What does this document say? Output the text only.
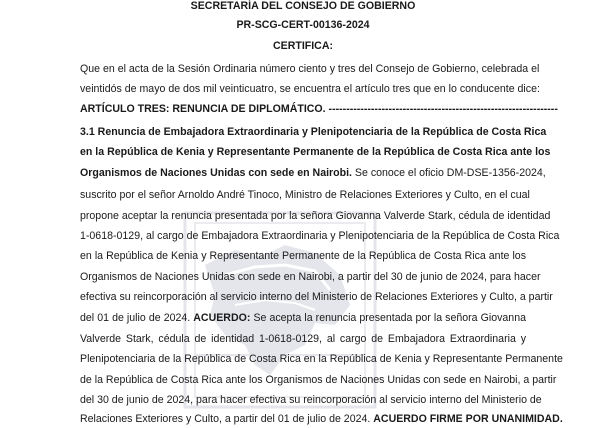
SECRETARÍA DEL CONSEJO DE GOBIERNO
PR-SCG-CERT-00136-2024
CERTIFICA:
Que en el acta de la Sesión Ordinaria número ciento y tres del Consejo de Gobierno, celebrada el
veintidós de mayo de dos mil veinticuatro, se encuentra el artículo tres que en lo conducente dice:
ARTÍCULO TRES: RENUNCIA DE DIPLOMÁTICO. -----------------------------------------------------------------
3.1 Renuncia de Embajadora Extraordinaria y Plenipotenciaria de la República de Costa Rica
en la República de Kenia y Representante Permanente de la República de Costa Rica ante los
Organismos de Naciones Unidas con sede en Nairobi. Se conoce el oficio DM-DSE-1356-2024,
suscrito por el señor Arnoldo André Tinoco, Ministro de Relaciones Exteriores y Culto, en el cual
propone aceptar la renuncia presentada por la señora Giovanna Valverde Stark, cédula de identidad
1-0618-0129, al cargo de Embajadora Extraordinaria y Plenipotenciaria de la República de Costa Rica
en la República de Kenia y Representante Permanente de la República de Costa Rica ante los
Organismos de Naciones Unidas con sede en Nairobi, a partir del 30 de junio de 2024, para hacer
efectiva su reincorporación al servicio interno del Ministerio de Relaciones Exteriores y Culto, a partir
del 01 de julio de 2024. ACUERDO: Se acepta la renuncia presentada por la señora Giovanna
Valverde Stark, cédula de identidad 1-0618-0129, al cargo de Embajadora Extraordinaria y
Plenipotenciaria de la República de Costa Rica en la República de Kenia y Representante Permanente
de la República de Costa Rica ante los Organismos de Naciones Unidas con sede en Nairobi, a partir
del 30 de junio de 2024, para hacer efectiva su reincorporación al servicio interno del Ministerio de
Relaciones Exteriores y Culto, a partir del 01 de julio de 2024. ACUERDO FIRME POR UNANIMIDAD.
